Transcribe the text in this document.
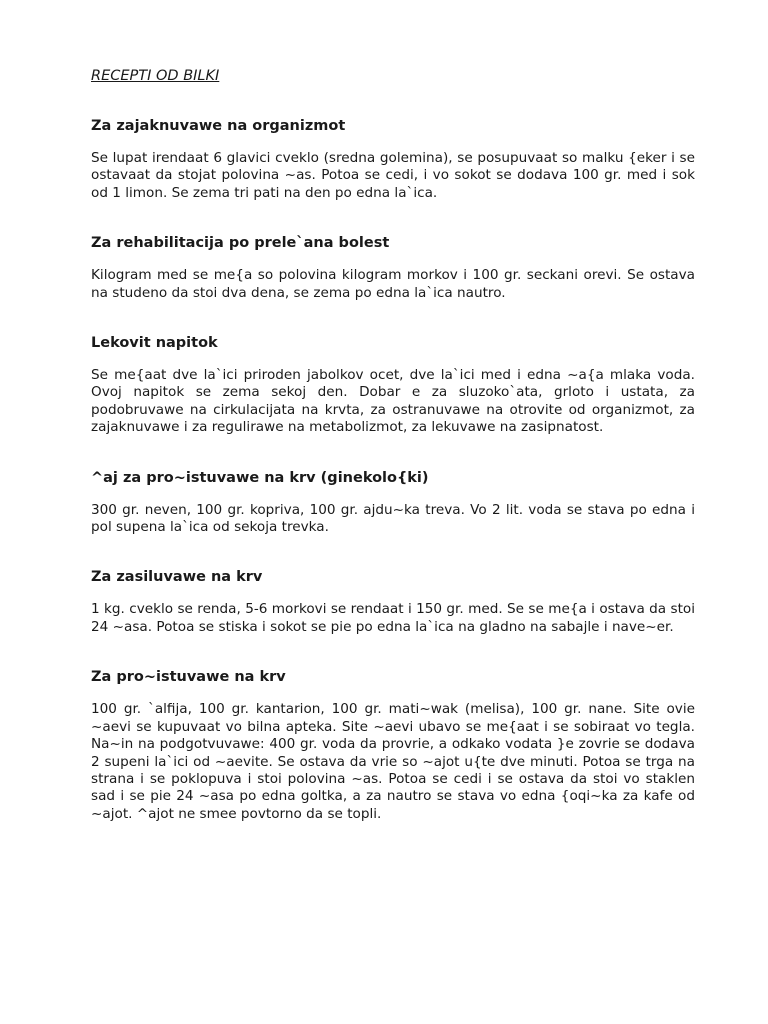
RECEPTI OD BILKI
Za zajaknuvawe na organizmot

Se lupat irendaat 6 glavici cveklo (sredna golemina), se posupuvaat so malku {eker i se ostavaat da stojat polovina ~as. Potoa se cedi, i vo sokot se dodava 100 gr. med i sok od 1 limon. Se zema tri pati na den po edna la`ica.

Za rehabilitacija po prele`ana bolest

Kilogram med se me{a so polovina kilogram morkov i 100 gr. seckani orevi. Se ostava na studeno da stoi dva dena, se zema po edna la`ica nautro.

Lekovit napitok

Se me{aat dve la`ici priroden jabolkov ocet, dve la`ici med i edna ~a{a mlaka voda. Ovoj napitok se zema sekoj den. Dobar e za sluzoko`ata, grloto i ustata, za podobruvawe na cirkulacijata na krvta, za ostranuvawe na otrovite od organizmot, za zajaknuvawe i za regulirawe na metabolizmot, za lekuvawe na zasipnatost.

^aj za pro~istuvawe na krv (ginekolo{ki)

300 gr. neven, 100 gr. kopriva, 100 gr. ajdu~ka treva. Vo 2 lit. voda se stava po edna i pol supena la`ica od sekoja trevka.

Za zasiluvawe na krv

1 kg. cveklo se renda, 5-6 morkovi se rendaat i 150 gr. med. Se se me{a i ostava da stoi 24 ~asa. Potoa se stiska i sokot se pie po edna la`ica na gladno na sabajle i nave~er.

Za pro~istuvawe na krv

100 gr. `alfija, 100 gr. kantarion, 100 gr. mati~wak (melisa), 100 gr. nane. Site ovie ~aevi se kupuvaat vo bilna apteka. Site ~aevi ubavo se me{aat i se sobiraat vo tegla. Na~in na podgotvuvawe: 400 gr. voda da provrie, a odkako vodata }e zovrie se dodava 2 supeni la`ici od ~aevite. Se ostava da vrie so ~ajot u{te dve minuti. Potoa se trga na strana i se poklopuva i stoi polovina ~as. Potoa se cedi i se ostava da stoi vo staklen sad i se pie 24 ~asa po edna goltka, a za nautro se stava vo edna {oqi~ka za kafe od ~ajot. ^ajot ne smee povtorno da se topli.
